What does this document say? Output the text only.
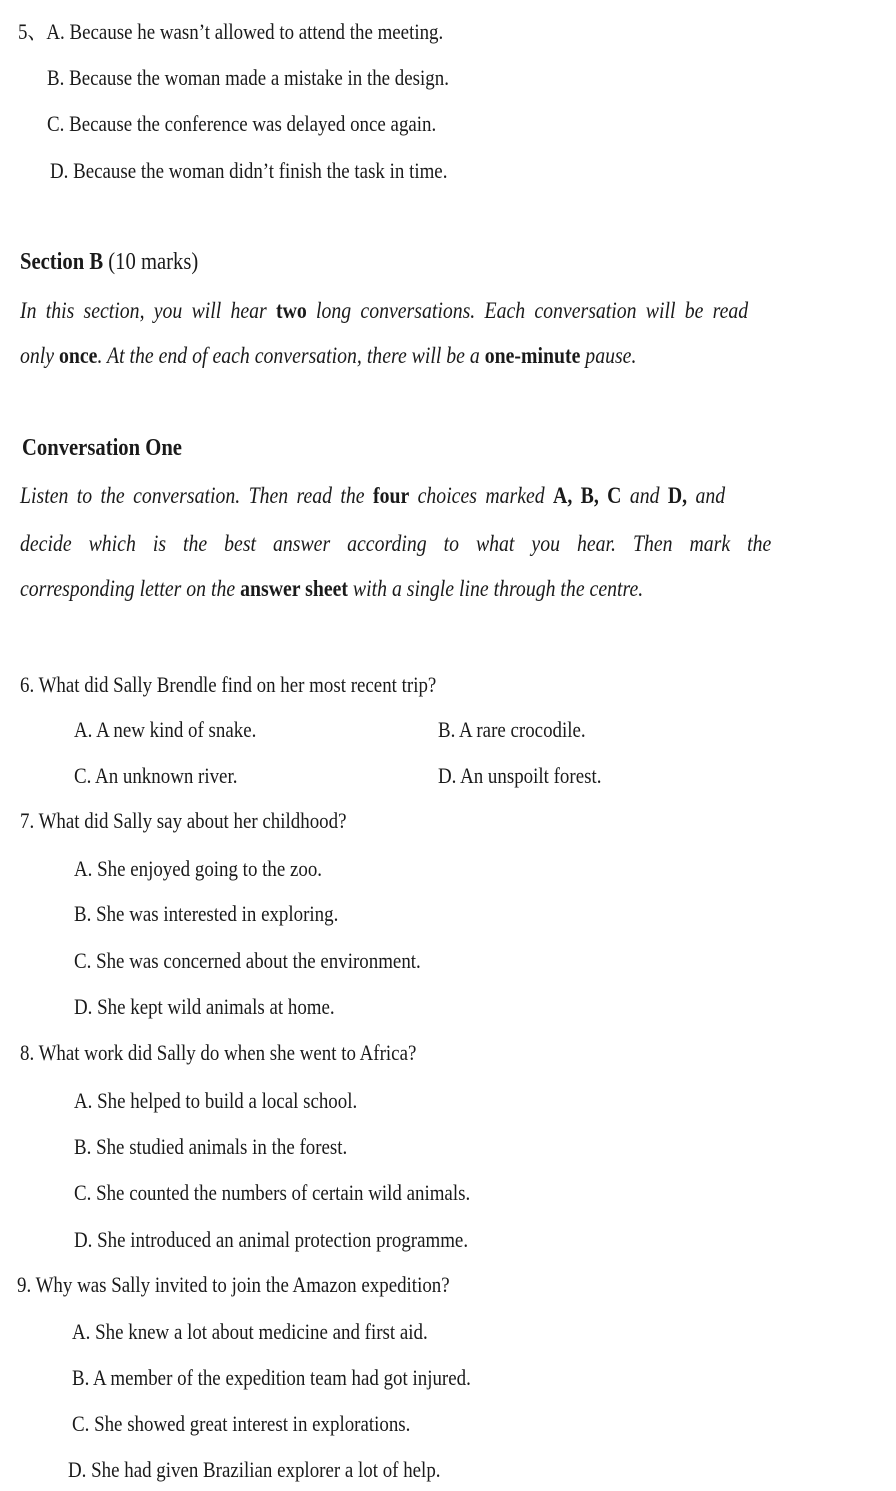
5、A. Because he wasn’t allowed to attend the meeting.
B. Because the woman made a mistake in the design.
C. Because the conference was delayed once again.
D. Because the woman didn’t finish the task in time.
Section B (10 marks)
In this section, you will hear two long conversations. Each conversation will be read
only once. At the end of each conversation, there will be a one-minute pause.
Conversation One
Listen to the conversation. Then read the four choices marked A, B, C and D, and
decide which is the best answer according to what you hear. Then mark the
corresponding letter on the answer sheet with a single line through the centre.
6. What did Sally Brendle find on her most recent trip?
A. A new kind of snake.	B. A rare crocodile.
C. An unknown river.	D. An unspoilt forest.
7. What did Sally say about her childhood?
A. She enjoyed going to the zoo.
B. She was interested in exploring.
C. She was concerned about the environment.
D. She kept wild animals at home.
8. What work did Sally do when she went to Africa?
A. She helped to build a local school.
B. She studied animals in the forest.
C. She counted the numbers of certain wild animals.
D. She introduced an animal protection programme.
9. Why was Sally invited to join the Amazon expedition?
A. She knew a lot about medicine and first aid.
B. A member of the expedition team had got injured.
C. She showed great interest in explorations.
D. She had given Brazilian explorer a lot of help.
